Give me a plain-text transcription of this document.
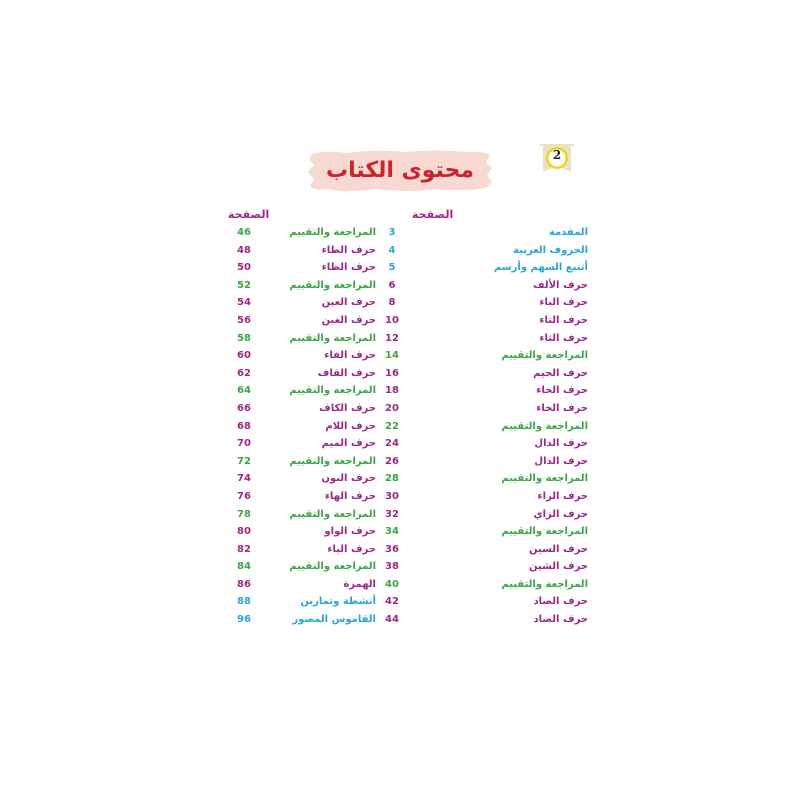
2
محتوى الكتاب
الصفحة
الصفحة
المقدمة
3
الحروف العربية
4
أتتبع السهم وأرسم
5
حرف الألف
6
حرف الباء
8
حرف التاء
10
حرف الثاء
12
المراجعة والتقييم
14
حرف الجيم
16
حرف الحاء
18
حرف الخاء
20
المراجعة والتقييم
22
حرف الدال
24
حرف الذال
26
المراجعة والتقييم
28
حرف الراء
30
حرف الزاي
32
المراجعة والتقييم
34
حرف السين
36
حرف الشين
38
المراجعة والتقييم
40
حرف الصاد
42
حرف الضاد
44
المراجعة والتقييم
46
حرف الطاء
48
حرف الظاء
50
المراجعة والتقييم
52
حرف العين
54
حرف الغين
56
المراجعة والتقييم
58
حرف الفاء
60
حرف القاف
62
المراجعة والتقييم
64
حرف الكاف
66
حرف اللام
68
حرف الميم
70
المراجعة والتقييم
72
حرف النون
74
حرف الهاء
76
المراجعة والتقييم
78
حرف الواو
80
حرف الياء
82
المراجعة والتقييم
84
الهمزة
86
أنشطة وتمارين
88
القاموس المصور
96
